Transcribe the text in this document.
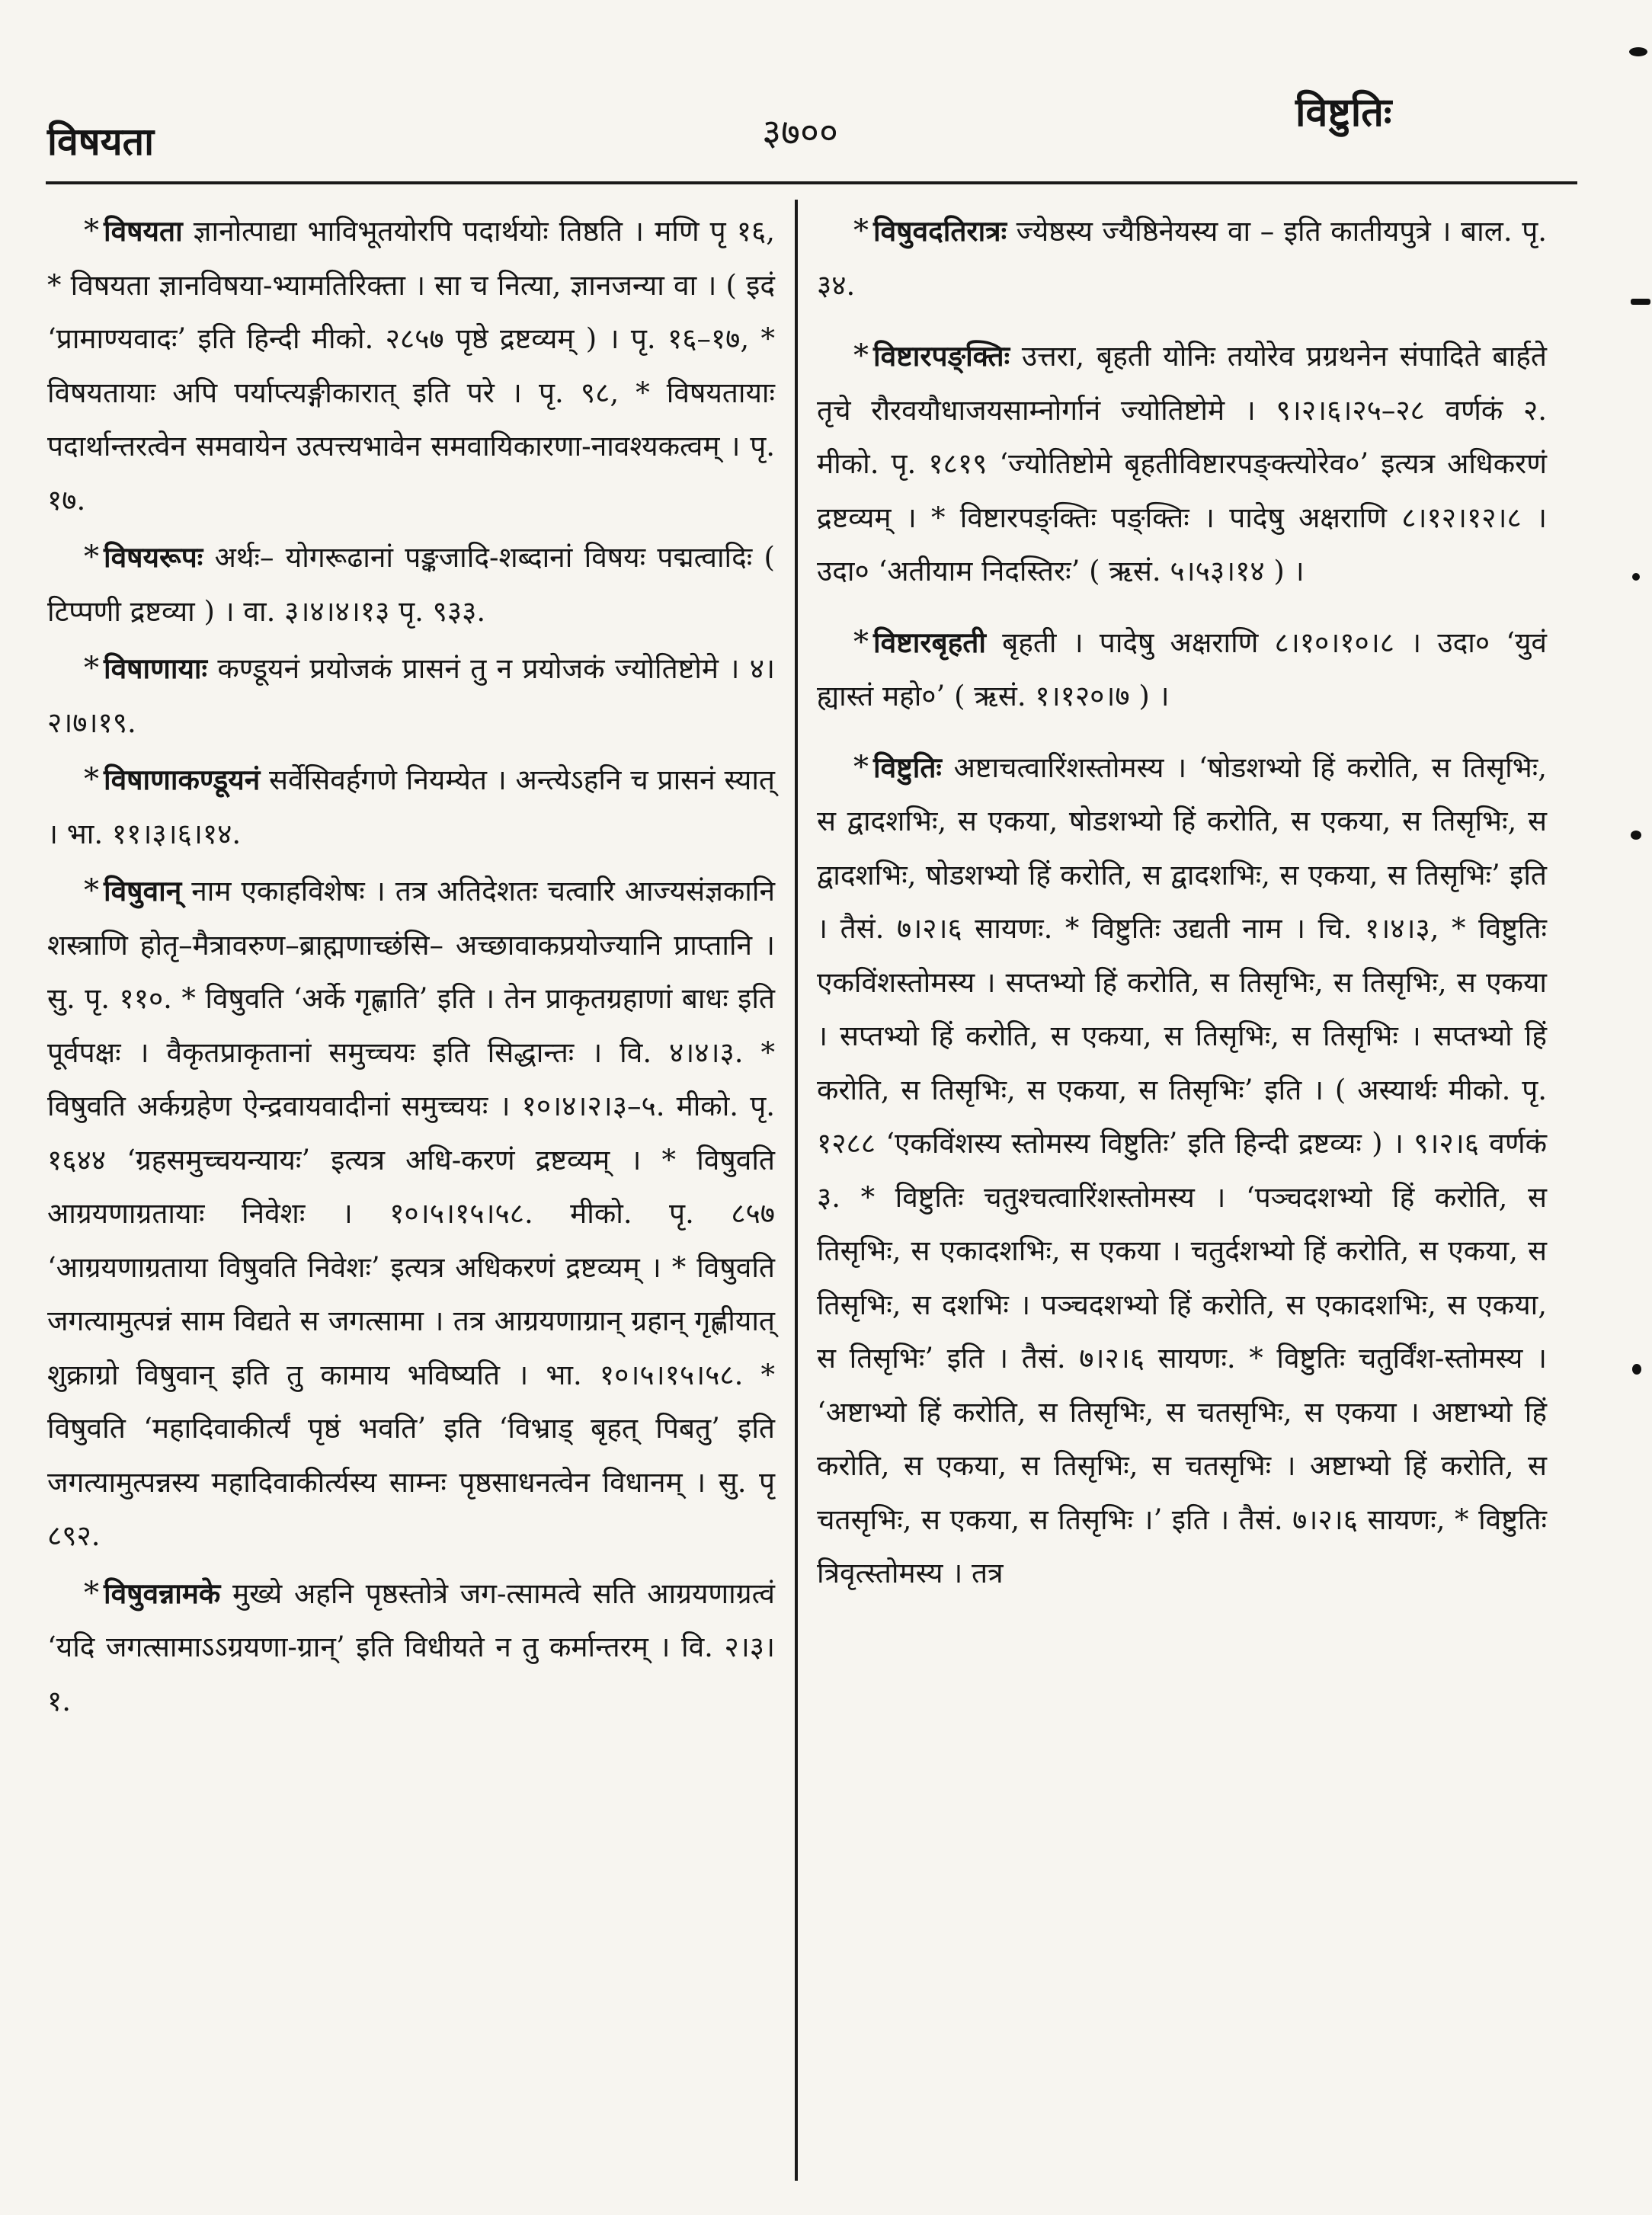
विषयता	३७००	विष्टुतिः

* विषयता ज्ञानोत्पाद्या भाविभूतयोरपि पदार्थयोः तिष्ठति । मणि पृ १६, * विषयता ज्ञानविषया-भ्यामतिरिक्ता । सा च नित्या, ज्ञानजन्या वा । ( इदं ‘प्रामाण्यवादः’ इति हिन्दी मीको. २८५७ पृष्ठे द्रष्टव्यम् ) । पृ. १६–१७, * विषयतायाः अपि पर्याप्त्यङ्गीकारात् इति परे । पृ. ९८, * विषयतायाः पदार्थान्तरत्वेन समवायेन उत्पत्त्यभावेन समवायिकारणा-नावश्यकत्वम् । पृ. १७.

* विषयरूपः अर्थः– योगरूढानां पङ्कजादि-शब्दानां विषयः पद्मत्वादिः ( टिप्पणी द्रष्टव्या ) । वा. ३।४।४।१३ पृ. ९३३.

* विषाणायाः कण्डूयनं प्रयोजकं प्रासनं तु न प्रयोजकं ज्योतिष्टोमे । ४।२।७।१९.

* विषाणाकण्डूयनं सर्वेसिवर्हगणे नियम्येत । अन्त्येऽहनि च प्रासनं स्यात् । भा. ११।३।६।१४.

* विषुवान् नाम एकाहविशेषः । तत्र अतिदेशतः चत्वारि आज्यसंज्ञकानि शस्त्राणि होतृ–मैत्रावरुण–ब्राह्मणाच्छंसि– अच्छावाकप्रयोज्यानि प्राप्तानि । सु. पृ. ११०. * विषुवति ‘अर्के गृह्णाति’ इति । तेन प्राकृतग्रहाणां बाधः इति पूर्वपक्षः । वैकृतप्राकृतानां समुच्चयः इति सिद्धान्तः । वि. ४।४।३. * विषुवति अर्कग्रहेण ऐन्द्रवायवादीनां समुच्चयः । १०।४।२।३–५. मीको. पृ. १६४४ ‘ग्रहसमुच्चयन्यायः’ इत्यत्र अधि-करणं द्रष्टव्यम् । * विषुवति आग्रयणाग्रतायाः निवेशः । १०।५।१५।५८. मीको. पृ. ८५७ ‘आग्रयणाग्रताया विषुवति निवेशः’ इत्यत्र अधिकरणं द्रष्टव्यम् । * विषुवति जगत्यामुत्पन्नं साम विद्यते स जगत्सामा । तत्र आग्रयणाग्रान् ग्रहान् गृह्णीयात् शुक्राग्रो विषुवान् इति तु कामाय भविष्यति । भा. १०।५।१५।५८. * विषुवति ‘महादिवाकीर्त्यं पृष्ठं भवति’ इति ‘विभ्राड् बृहत् पिबतु’ इति जगत्यामुत्पन्नस्य महादिवाकीर्त्यस्य साम्नः पृष्ठसाधनत्वेन विधानम् । सु. पृ ८९२.

* विषुवन्नामके मुख्ये अहनि पृष्ठस्तोत्रे जग-त्सामत्वे सति आग्रयणाग्रत्वं ‘यदि जगत्सामाऽऽग्रयणा-ग्रान्’ इति विधीयते न तु कर्मान्तरम् । वि. २।३।१.

* विषुवदतिरात्रः ज्येष्ठस्य ज्यैष्ठिनेयस्य वा – इति कातीयपुत्रे । बाल. पृ. ३४.

* विष्टारपङ्क्तिः उत्तरा, बृहती योनिः तयोरेव प्रग्रथनेन संपादिते बार्हते तृचे रौरवयौधाजयसाम्नोर्गानं ज्योतिष्टोमे । ९।२।६।२५–२८ वर्णकं २. मीको. पृ. १८१९ ‘ज्योतिष्टोमे बृहतीविष्टारपङ्क्त्योरेव०’ इत्यत्र अधिकरणं द्रष्टव्यम् । * विष्टारपङ्क्तिः पङ्क्तिः । पादेषु अक्षराणि ८।१२।१२।८ । उदा० ‘अतीयाम निदस्तिरः’ ( ऋसं. ५।५३।१४ ) ।

* विष्टारबृहती बृहती । पादेषु अक्षराणि ८।१०।१०।८ । उदा० ‘युवं ह्यास्तं महो०’ ( ऋसं. १।१२०।७ ) ।

* विष्टुतिः अष्टाचत्वारिंशस्तोमस्य । ‘षोडशभ्यो हिं करोति, स तिसृभिः, स द्वादशभिः, स एकया, षोडशभ्यो हिं करोति, स एकया, स तिसृभिः, स द्वादशभिः, षोडशभ्यो हिं करोति, स द्वादशभिः, स एकया, स तिसृभिः’ इति । तैसं. ७।२।६ सायणः. * विष्टुतिः उद्यती नाम । चि. १।४।३, * विष्टुतिः एकविंशस्तोमस्य । सप्तभ्यो हिं करोति, स तिसृभिः, स तिसृभिः, स एकया । सप्तभ्यो हिं करोति, स एकया, स तिसृभिः, स तिसृभिः । सप्तभ्यो हिं करोति, स तिसृभिः, स एकया, स तिसृभिः’ इति । ( अस्यार्थः मीको. पृ. १२८८ ‘एकविंशस्य स्तोमस्य विष्टुतिः’ इति हिन्दी द्रष्टव्यः ) । ९।२।६ वर्णकं ३. * विष्टुतिः चतुश्चत्वारिंशस्तोमस्य । ‘पञ्चदशभ्यो हिं करोति, स तिसृभिः, स एकादशभिः, स एकया । चतुर्दशभ्यो हिं करोति, स एकया, स तिसृभिः, स दशभिः । पञ्चदशभ्यो हिं करोति, स एकादशभिः, स एकया, स तिसृभिः’ इति । तैसं. ७।२।६ सायणः. * विष्टुतिः चतुर्विंश-स्तोमस्य । ‘अष्टाभ्यो हिं करोति, स तिसृभिः, स चतसृभिः, स एकया । अष्टाभ्यो हिं करोति, स एकया, स तिसृभिः, स चतसृभिः । अष्टाभ्यो हिं करोति, स चतसृभिः, स एकया, स तिसृभिः ।’ इति । तैसं. ७।२।६ सायणः, * विष्टुतिः त्रिवृत्स्तोमस्य । तत्र
